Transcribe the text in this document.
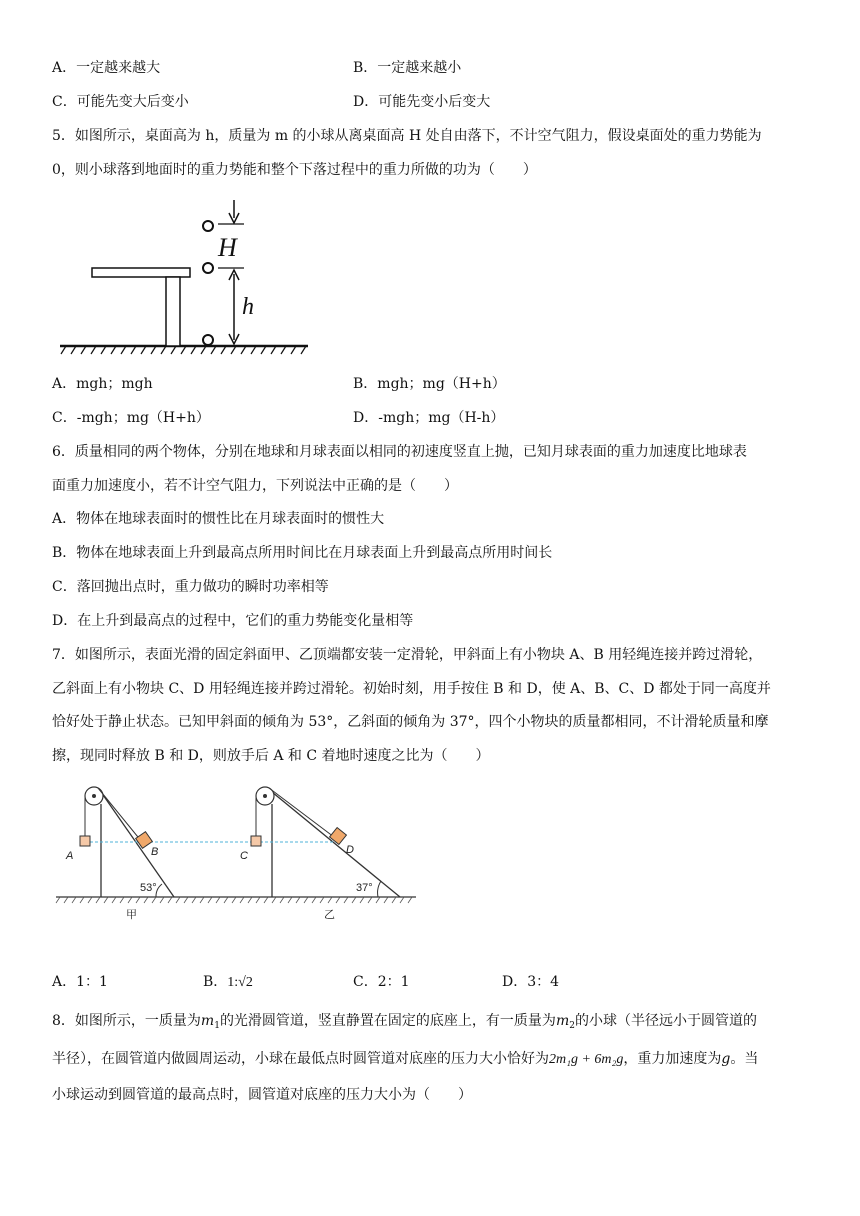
A．一定越来越大	B．一定越来越小
C．可能先变大后变小	D．可能先变小后变大
5．如图所示，桌面高为 h，质量为 m 的小球从离桌面高 H 处自由落下，不计空气阻力，假设桌面处的重力势能为
0，则小球落到地面时的重力势能和整个下落过程中的重力所做的功为（　　）
H
h
A．mgh；mgh	B．mgh；mg（H+h）
C．-mgh；mg（H+h）	D．-mgh；mg（H-h）
6．质量相同的两个物体，分别在地球和月球表面以相同的初速度竖直上抛，已知月球表面的重力加速度比地球表
面重力加速度小，若不计空气阻力，下列说法中正确的是（　　）
A．物体在地球表面时的惯性比在月球表面时的惯性大
B．物体在地球表面上升到最高点所用时间比在月球表面上升到最高点所用时间长
C．落回抛出点时，重力做功的瞬时功率相等
D．在上升到最高点的过程中，它们的重力势能变化量相等
7．如图所示，表面光滑的固定斜面甲、乙顶端都安装一定滑轮，甲斜面上有小物块 A、B 用轻绳连接并跨过滑轮，
乙斜面上有小物块 C、D 用轻绳连接并跨过滑轮。初始时刻，用手按住 B 和 D，使 A、B、C、D 都处于同一高度并
恰好处于静止状态。已知甲斜面的倾角为 53°，乙斜面的倾角为 37°，四个小物块的质量都相同，不计滑轮质量和摩
擦，现同时释放 B 和 D，则放手后 A 和 C 着地时速度之比为（　　）
A	B
53°
甲
C	D
37°
乙
A．1：1	B．1:√2	C．2：1	D．3：4
8．如图所示，一质量为$m_1$的光滑圆管道，竖直静置在固定的底座上，有一质量为$m_2$的小球（半径远小于圆管道的
半径），在圆管道内做圆周运动，小球在最低点时圆管道对底座的压力大小恰好为2m₁g + 6m₂g，重力加速度为g。当
小球运动到圆管道的最高点时，圆管道对底座的压力大小为（　　）
